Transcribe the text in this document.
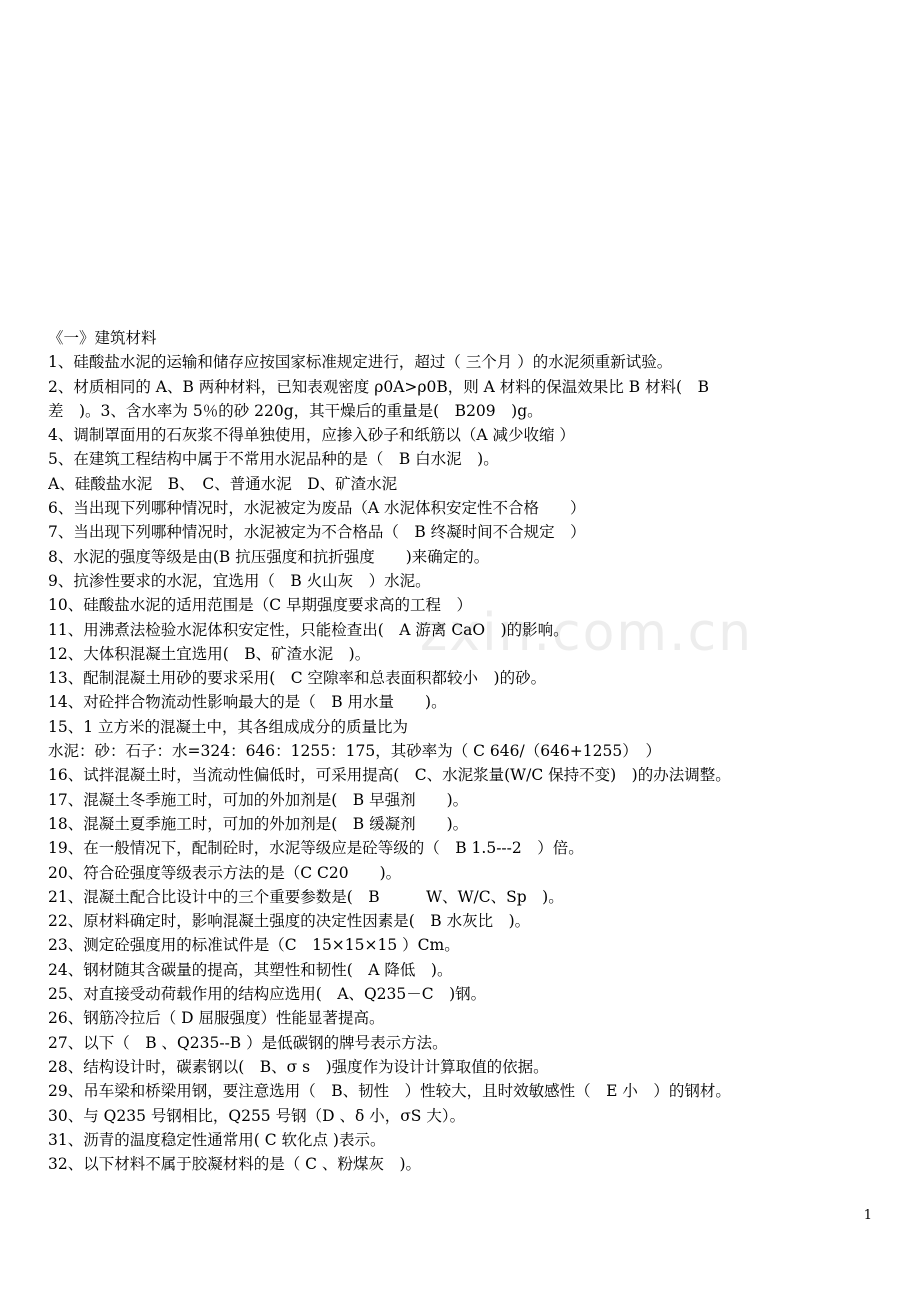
zxin.com.cn
《一》建筑材料
1、硅酸盐水泥的运输和储存应按国家标准规定进行，超过（ 三个月 ）的水泥须重新试验。
2、材质相同的 A、B 两种材料，已知表观密度 ρ0A>ρ0B，则 A 材料的保温效果比 B 材料(　B
差　)。3、含水率为 5％的砂 220g，其干燥后的重量是(　B209　)g。
4、调制罩面用的石灰浆不得单独使用，应掺入砂子和纸筋以（A 减少收缩 ）
5、在建筑工程结构中属于不常用水泥品种的是（　B 白水泥　)。
A、硅酸盐水泥　B、　C、普通水泥　D、矿渣水泥
6、当出现下列哪种情况时，水泥被定为废品（A 水泥体积安定性不合格　　）
7、当出现下列哪种情况时，水泥被定为不合格品（　B 终凝时间不合规定　）
8、水泥的强度等级是由(B 抗压强度和抗折强度　　)来确定的。
9、抗渗性要求的水泥，宜选用（　B 火山灰　）水泥。
10、硅酸盐水泥的适用范围是（C 早期强度要求高的工程　）
11、用沸煮法检验水泥体积安定性，只能检查出(　A 游离 CaO　)的影响。
12、大体积混凝土宜选用(　B、矿渣水泥　)。
13、配制混凝土用砂的要求采用(　C 空隙率和总表面积都较小　)的砂。
14、对砼拌合物流动性影响最大的是（　B 用水量　　)。
15、1 立方米的混凝土中，其各组成成分的质量比为
水泥：砂：石子：水=324：646：1255：175，其砂率为（ C 646/（646+1255）　）
16、试拌混凝土时，当流动性偏低时，可采用提高(　C、水泥浆量(W/C 保持不变)　)的办法调整。
17、混凝土冬季施工时，可加的外加剂是(　B 早强剂　　)。
18、混凝土夏季施工时，可加的外加剂是(　B 缓凝剂　　)。
19、在一般情况下，配制砼时，水泥等级应是砼等级的（　B 1.5---2　）倍。
20、符合砼强度等级表示方法的是（C C20　　)。
21、混凝土配合比设计中的三个重要参数是(　B　　　W、W/C、Sp　)。
22、原材料确定时，影响混凝土强度的决定性因素是(　B 水灰比　)。
23、测定砼强度用的标准试件是（C　15×15×15 ）Cm。
24、钢材随其含碳量的提高，其塑性和韧性(　A 降低　)。
25、对直接受动荷载作用的结构应选用(　A、Q235－C　)钢。
26、钢筋冷拉后（ D 屈服强度）性能显著提高。
27、以下（　B 、Q235--B ）是低碳钢的牌号表示方法。
28、结构设计时，碳素钢以(　B、σ s　)强度作为设计计算取值的依据。
29、吊车梁和桥梁用钢，要注意选用（　B、韧性　）性较大，且时效敏感性（　E 小　）的钢材。
30、与 Q235 号钢相比，Q255 号钢（D 、δ 小，σS 大）。
31、沥青的温度稳定性通常用( C 软化点 )表示。
32、以下材料不属于胶凝材料的是（ C 、粉煤灰　)。
1
